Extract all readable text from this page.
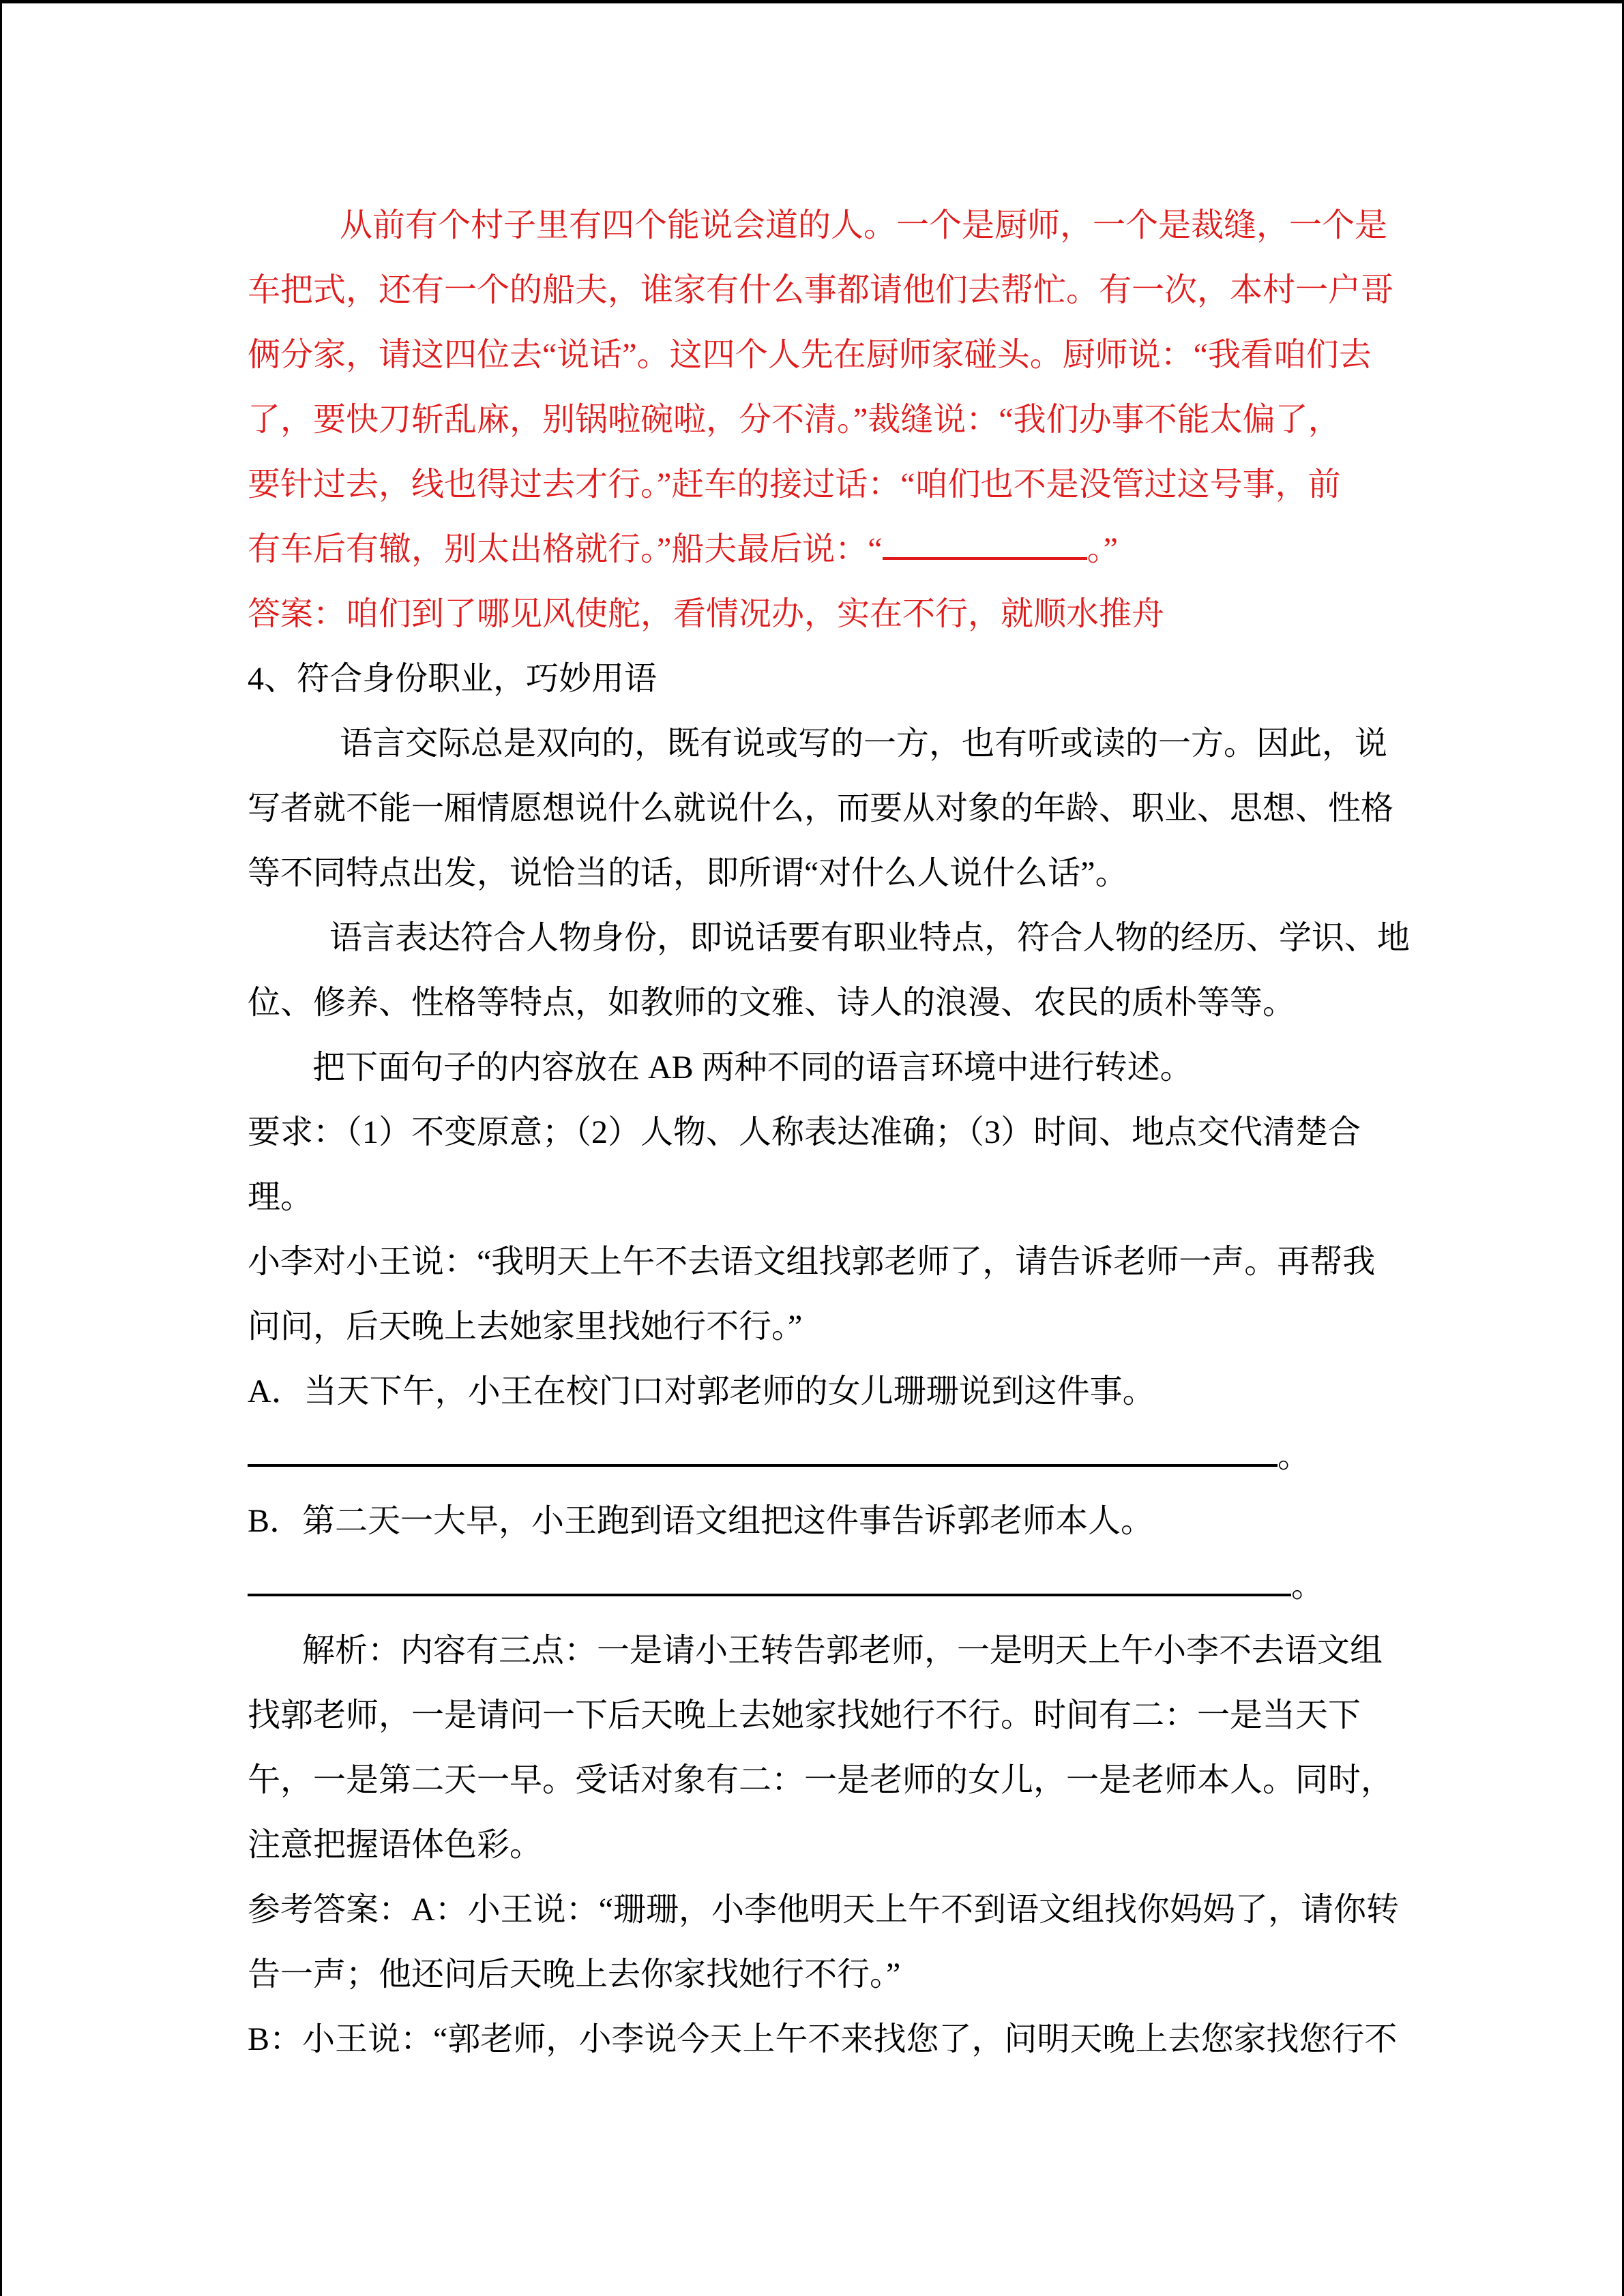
从前有个村子里有四个能说会道的人。一个是厨师，一个是裁缝，一个是
车把式，还有一个的船夫，谁家有什么事都请他们去帮忙。有一次，本村一户哥
俩分家，请这四位去“说话”。这四个人先在厨师家碰头。厨师说：“我看咱们去
了，要快刀斩乱麻，别锅啦碗啦，分不清。”裁缝说：“我们办事不能太偏了，
要针过去，线也得过去才行。”赶车的接过话：“咱们也不是没管过这号事，前
有车后有辙，别太出格就行。”船夫最后说：“	。”
答案：咱们到了哪见风使舵，看情况办，实在不行，就顺水推舟
4、符合身份职业，巧妙用语
语言交际总是双向的，既有说或写的一方，也有听或读的一方。因此，说
写者就不能一厢情愿想说什么就说什么，而要从对象的年龄、职业、思想、性格
等不同特点出发，说恰当的话，即所谓“对什么人说什么话”。
语言表达符合人物身份，即说话要有职业特点，符合人物的经历、学识、地
位、修养、性格等特点，如教师的文雅、诗人的浪漫、农民的质朴等等。
把下面句子的内容放在 AB 两种不同的语言环境中进行转述。
要求：（1）不变原意；（2）人物、人称表达准确；（3）时间、地点交代清楚合
理。
小李对小王说：“我明天上午不去语文组找郭老师了，请告诉老师一声。再帮我
问问，后天晚上去她家里找她行不行。”
A．当天下午，小王在校门口对郭老师的女儿珊珊说到这件事。
。
B．第二天一大早，小王跑到语文组把这件事告诉郭老师本人。
。
解析：内容有三点：一是请小王转告郭老师，一是明天上午小李不去语文组
找郭老师，一是请问一下后天晚上去她家找她行不行。时间有二：一是当天下
午，一是第二天一早。受话对象有二：一是老师的女儿，一是老师本人。同时，
注意把握语体色彩。
参考答案：A：小王说：“珊珊，小李他明天上午不到语文组找你妈妈了，请你转
告一声；他还问后天晚上去你家找她行不行。”
B：小王说：“郭老师，小李说今天上午不来找您了，问明天晚上去您家找您行不
